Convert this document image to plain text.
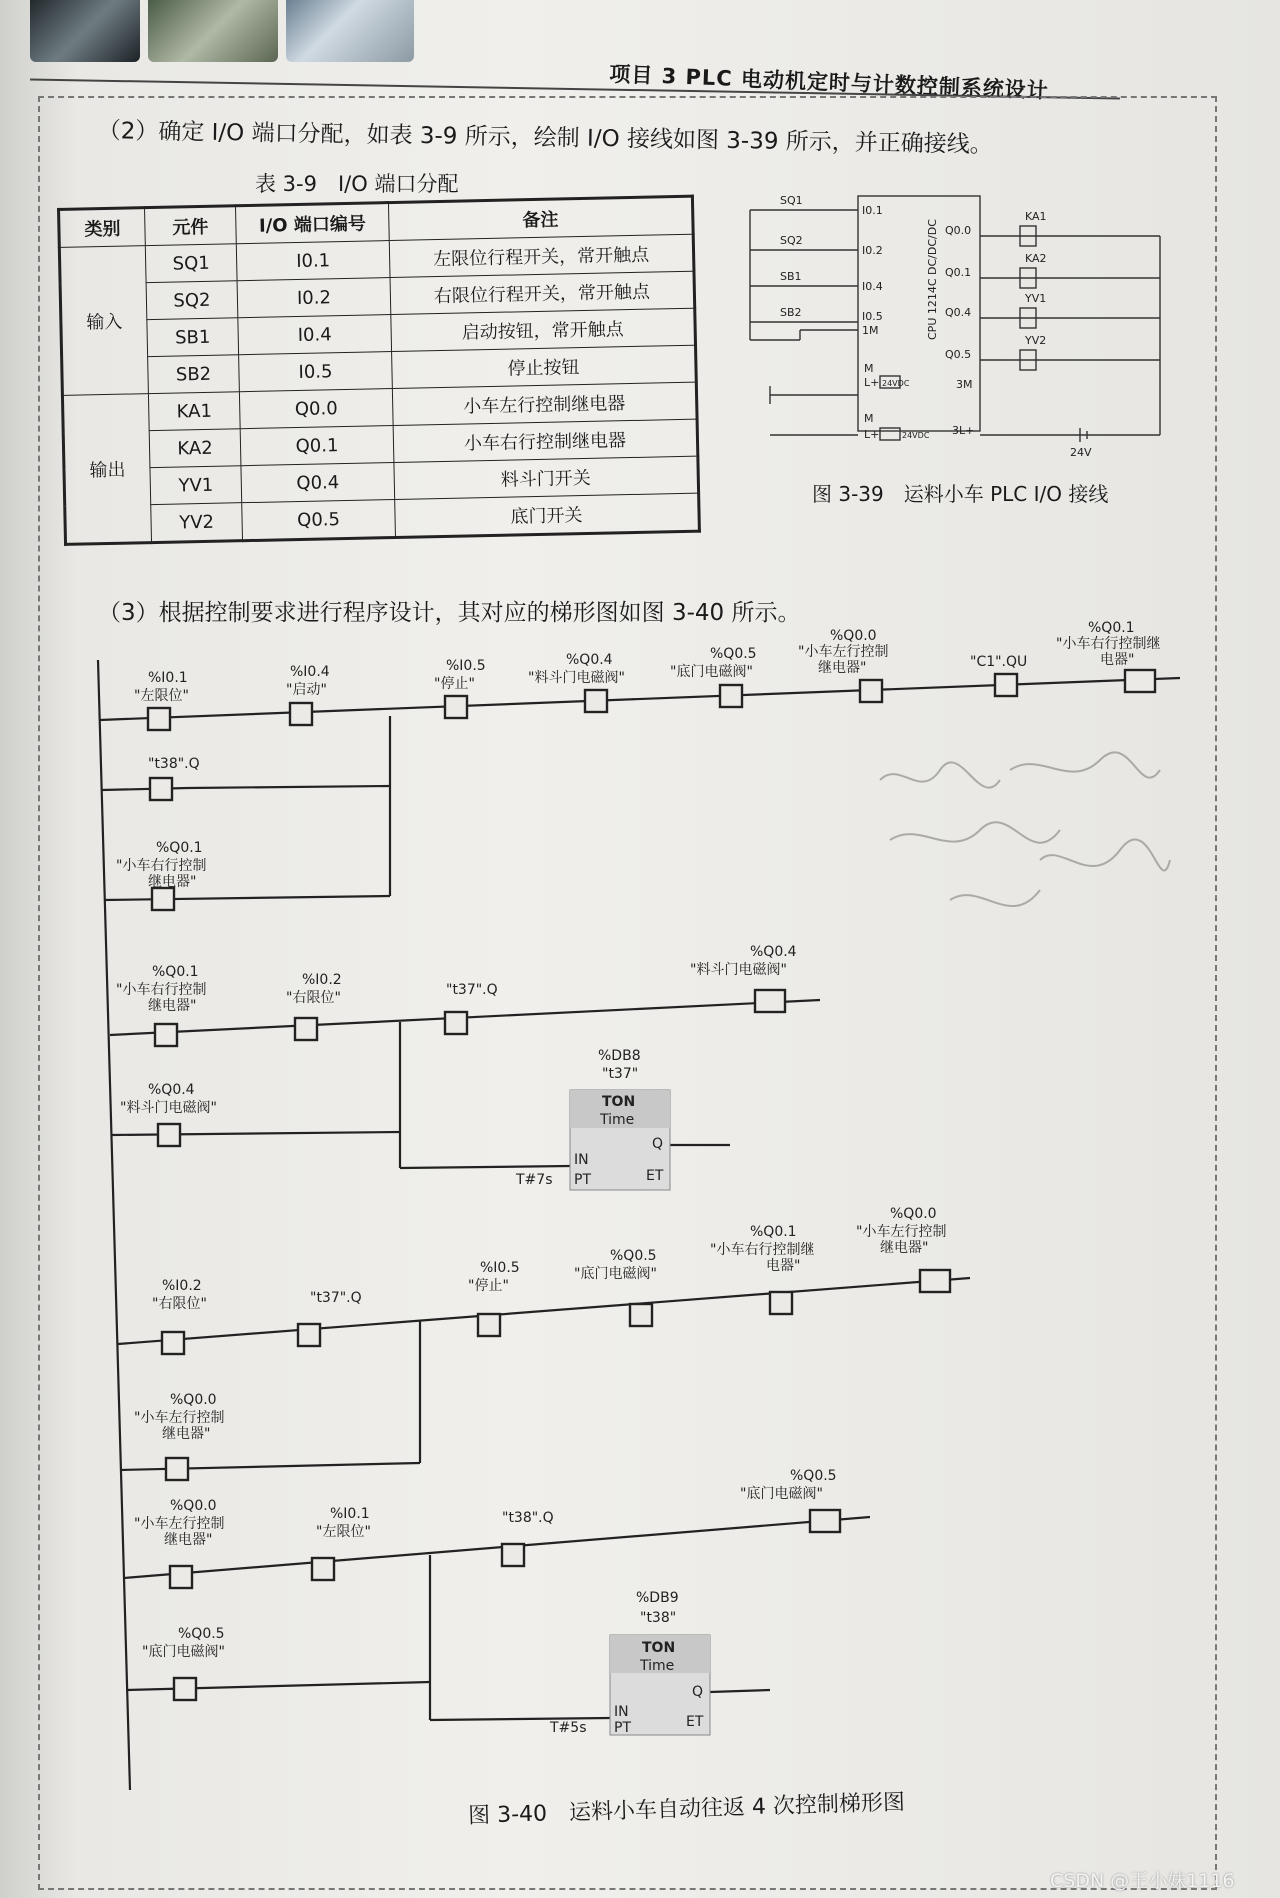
项目 3 PLC 电动机定时与计数控制系统设计
（2）确定 I/O 端口分配，如表 3-9 所示，绘制 I/O 接线如图 3-39 所示，并正确接线。
表 3-9　I/O 端口分配
类别	元件	I/O 端口编号	备注
输入	SQ1	I0.1	左限位行程开关，常开触点
	SQ2	I0.2	右限位行程开关，常开触点
	SB1	I0.4	启动按钮，常开触点
	SB2	I0.5	停止按钮
输出	KA1	Q0.0	小车左行控制继电器
	KA2	Q0.1	小车右行控制继电器
	YV1	Q0.4	料斗门开关
	YV2	Q0.5	底门开关
SQ1
SQ2
SB1
SB2
I0.1
I0.2
I0.4
I0.5
1M
Q0.0
Q0.1
Q0.4
Q0.5
3M
3L+
KA1
KA2
YV1
YV2
M
L+ 24VDC
M
L+	24VDC
24V
CPU 1214C DC/DC/DC
图 3-39　运料小车 PLC I/O 接线
（3）根据控制要求进行程序设计，其对应的梯形图如图 3-40 所示。
%I0.1
"左限位"
%I0.4
"启动"
%I0.5
"停止"
%Q0.4
"料斗门电磁阀"
%Q0.5
"底门电磁阀"
%Q0.0
"小车左行控制
继电器"	"C1".QU
%Q0.1
"小车右行控制继
电器"
"t38".Q
%Q0.1
"小车右行控制
继电器"
%Q0.1
"小车右行控制
继电器"
%I0.2
"右限位"	"t37".Q
%Q0.4
"料斗门电磁阀"
%Q0.4
"料斗门电磁阀"
%DB8
"t37"
TON
Time
IN
Q
PT	ET
T#7s
%I0.2
"右限位"	"t37".Q
%I0.5
"停止"
%Q0.5
"底门电磁阀"
%Q0.1
"小车右行控制继
电器"
%Q0.0
"小车左行控制
继电器"
%Q0.0
"小车左行控制
继电器"
%Q0.0
"小车左行控制
继电器"
%I0.1
"左限位"
"t38".Q
%Q0.5
"底门电磁阀"
%Q0.5
"底门电磁阀"
%DB9
"t38"
TON
Time
IN
Q
PT	ET
T#5s
图 3-40　运料小车自动往返 4 次控制梯形图
CSDN @王小妹1116
